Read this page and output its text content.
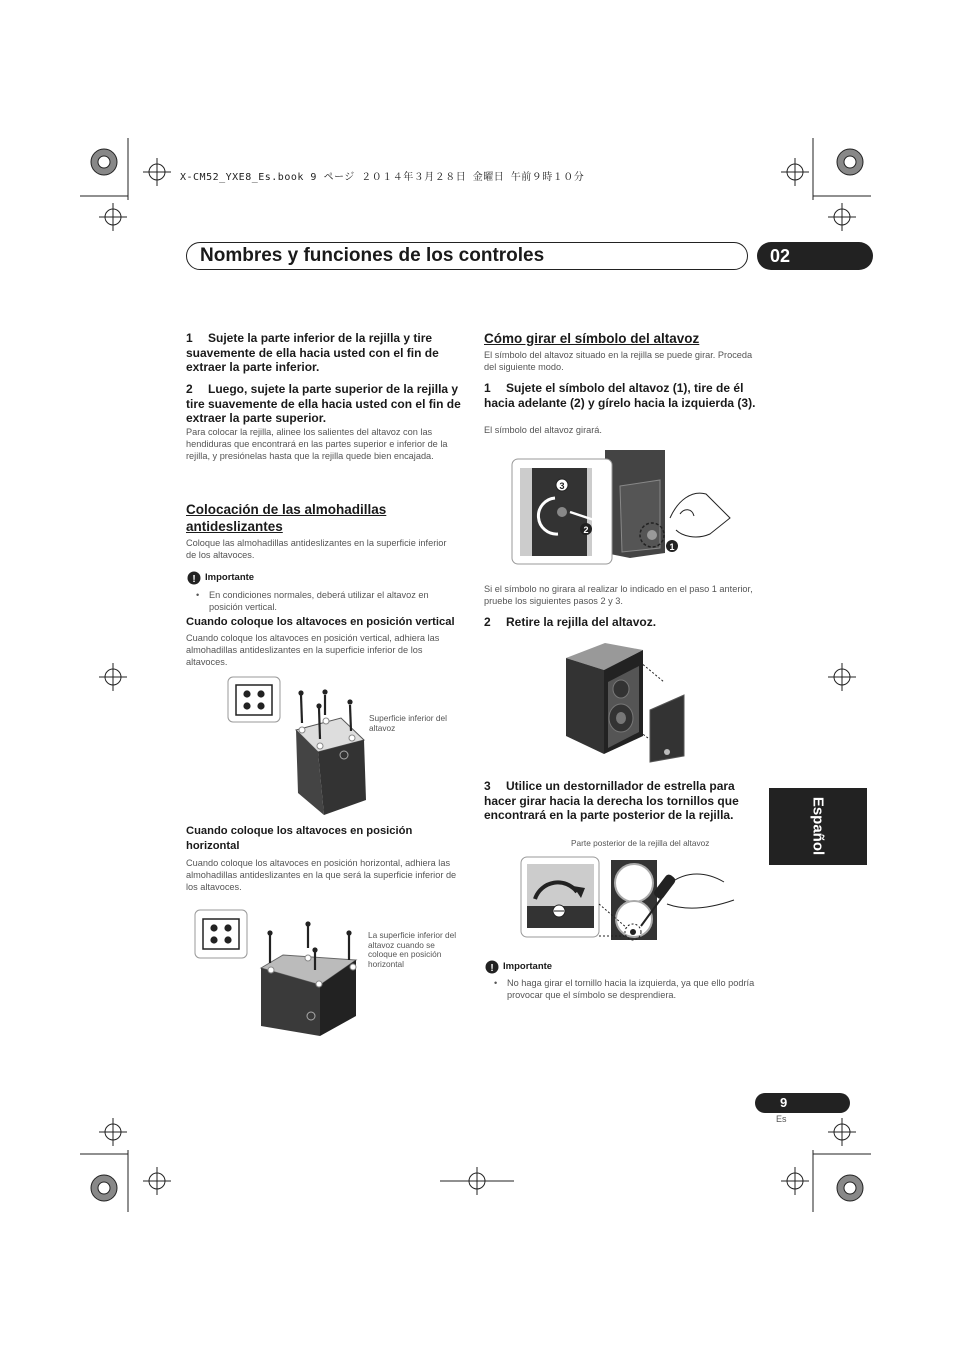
X-CM52_YXE8_Es.book 9 ページ ２０１４年３月２８日 金曜日 午前９時１０分
Nombres y funciones de los controles	02
1 Sujete la parte inferior de la rejilla y tire suavemente de ella hacia usted con el fin de extraer la parte inferior.
2 Luego, sujete la parte superior de la rejilla y tire suavemente de ella hacia usted con el fin de extraer la parte superior.
Para colocar la rejilla, alinee los salientes del altavoz con las hendiduras que encontrará en las partes superior e inferior de la rejilla, y presiónelas hasta que la rejilla quede bien encajada.
Colocación de las almohadillas antideslizantes
Coloque las almohadillas antideslizantes en la superficie inferior de los altavoces.
! Importante
•	En condiciones normales, deberá utilizar el altavoz en posición vertical.
Cuando coloque los altavoces en posición vertical
Cuando coloque los altavoces en posición vertical, adhiera las almohadillas antideslizantes en la superficie inferior de los altavoces.
Superficie inferior del altavoz
Cuando coloque los altavoces en posición horizontal
Cuando coloque los altavoces en posición horizontal, adhiera las almohadillas antideslizantes en la que será la superficie inferior de los altavoces.
La superficie inferior del altavoz cuando se coloque en posición horizontal
Cómo girar el símbolo del altavoz
El símbolo del altavoz situado en la rejilla se puede girar. Proceda del siguiente modo.
1 Sujete el símbolo del altavoz (1), tire de él hacia adelante (2) y gírelo hacia la izquierda (3).
El símbolo del altavoz girará.
3
2
1
Si el símbolo no girara al realizar lo indicado en el paso 1 anterior, pruebe los siguientes pasos 2 y 3.
2 Retire la rejilla del altavoz.
3 Utilice un destornillador de estrella para hacer girar hacia la derecha los tornillos que encontrará en la parte posterior de la rejilla.
Parte posterior de la rejilla del altavoz
! Importante
•	No haga girar el tornillo hacia la izquierda, ya que ello podría provocar que el símbolo se desprendiera.
Español
9
Es
